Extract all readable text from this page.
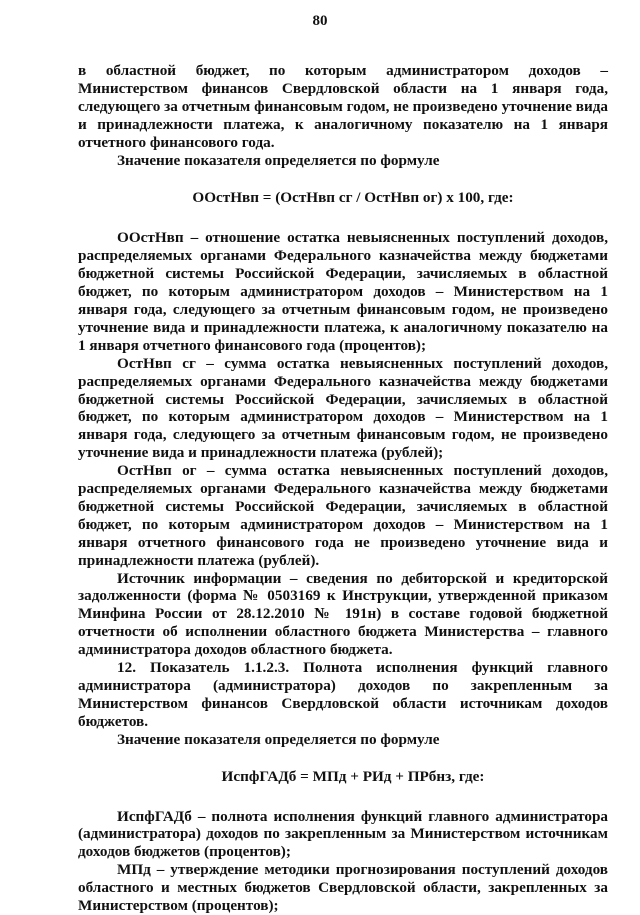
80

в областной бюджет, по которым администратором доходов – Министерством финансов Свердловской области на 1 января года, следующего за отчетным финансовым годом, не произведено уточнение вида и принадлежности платежа, к аналогичному показателю на 1 января отчетного финансового года.

Значение показателя определяется по формуле

ООстНвп = (ОстНвп сг / ОстНвп ог) х 100, где:

ООстНвп – отношение остатка невыясненных поступлений доходов, распределяемых органами Федерального казначейства между бюджетами бюджетной системы Российской Федерации, зачисляемых в областной бюджет, по которым администратором доходов – Министерством на 1 января года, следующего за отчетным финансовым годом, не произведено уточнение вида и принадлежности платежа, к аналогичному показателю на 1 января отчетного финансового года (процентов);

ОстНвп сг – сумма остатка невыясненных поступлений доходов, распределяемых органами Федерального казначейства между бюджетами бюджетной системы Российской Федерации, зачисляемых в областной бюджет, по которым администратором доходов – Министерством на 1 января года, следующего за отчетным финансовым годом, не произведено уточнение вида и принадлежности платежа (рублей);

ОстНвп ог – сумма остатка невыясненных поступлений доходов, распределяемых органами Федерального казначейства между бюджетами бюджетной системы Российской Федерации, зачисляемых в областной бюджет, по которым администратором доходов – Министерством на 1 января отчетного финансового года не произведено уточнение вида и принадлежности платежа (рублей).

Источник информации – сведения по дебиторской и кредиторской задолженности (форма № 0503169 к Инструкции, утвержденной приказом Минфина России от 28.12.2010 № 191н) в составе годовой бюджетной отчетности об исполнении областного бюджета Министерства – главного администратора доходов областного бюджета.

12. Показатель 1.1.2.3. Полнота исполнения функций главного администратора (администратора) доходов по закрепленным за Министерством финансов Свердловской области источникам доходов бюджетов.

Значение показателя определяется по формуле

ИспфГАДб = МПд + РИд + ПРбнз, где:

ИспфГАДб – полнота исполнения функций главного администратора (администратора) доходов по закрепленным за Министерством источникам доходов бюджетов (процентов);

МПд – утверждение методики прогнозирования поступлений доходов областного и местных бюджетов Свердловской области, закрепленных за Министерством (процентов);
